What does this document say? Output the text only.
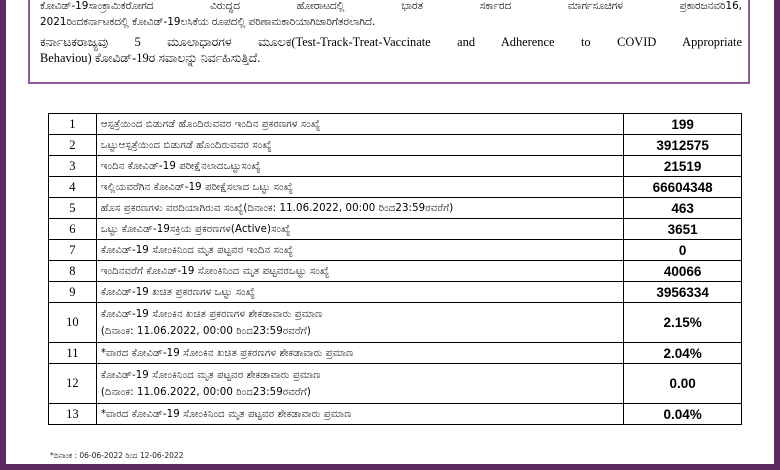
ಕೋವಿಡ್-19ಸಾಂಕ್ರಾಮಿಕರೋಗದ	ವಿರುದ್ಧದ	ಹೋರಾಟದಲ್ಲಿ	ಭಾರತ	ಸರ್ಕಾರದ	ಮಾರ್ಗಸೂಚಿಗಳ	ಪ್ರಕಾರಜನವರಿ16,
2021ರಿಂದಕರ್ನಾಟಕದಲ್ಲಿ ಕೋವಿಡ್-19ಲಸಿಕೆಯ ರೂಪದಲ್ಲಿ ಪರಿಣಾಮಕಾರಿಯಾಗಿಜಾರಿಗೆತರಲಾಗಿದೆ.
ಕರ್ನಾಟಕರಾಜ್ಯವು 5 ಮೂಲಾಧಾರಗಳ ಮೂಲಕ(Test-Track-Treat-Vaccinate and Adherence to COVID Appropriate
Behaviou) ಕೋವಿಡ್-19ರ ಸವಾಲನ್ನು ನಿರ್ವಹಿಸುತ್ತಿದೆ.
1	ಆಸ್ಪತ್ರೆಯಿಂದ ಬಿಡುಗಡೆ ಹೊಂದಿರುವವರ ಇಂದಿನ ಪ್ರಕರಣಗಳ ಸಂಖ್ಯೆ	199
2	ಒಟ್ಟುಆಸ್ಪತ್ರೆಯಿಂದ ಬಿಡುಗಡೆ ಹೊಂದಿರುವವರ ಸಂಖ್ಯೆ	3912575
3	ಇಂದಿನ ಕೋವಿಡ್-19 ಪರೀಕ್ಷೆನಲಾದಒಟ್ಟುಸಂಖ್ಯೆ	21519
4	ಇಲ್ಲಿಯವರೆಗಿನ ಕೋವಿಡ್-19 ಪರೀಕ್ಷೆಸಲಾದ ಒಟ್ಟು ಸಂಖ್ಯೆ	66604348
5	ಹೊಸ ಪ್ರಕರಣಗಳು ವರದಿಯಾಗಿರುವ ಸಂಖ್ಯೆ(ದಿನಾಂಕ: 11.06.2022, 00:00 ರಿಂದ23:59ರವರೆಗೆ)	463
6	ಒಟ್ಟು ಕೋವಿಡ್-19ಸಕ್ರಿಯ ಪ್ರಕರಣಗಳ(Active)ಸಂಖ್ಯೆ	3651
7	ಕೋವಿಡ್-19 ಸೋಂಕಿನಿಂದ ಮೃತ ಪಟ್ಟವರ ಇಂದಿನ ಸಂಖ್ಯೆ	0
8	ಇಂದಿನವರೆಗೆ ಕೋವಿಡ್-19 ಸೋಂಕಿನಿಂದ ಮೃತ ಪಟ್ಟವರಒಟ್ಟು ಸಂಖ್ಯೆ	40066
9	ಕೋವಿಡ್-19 ಖಚಿತ ಪ್ರಕರಣಗಳ ಒಟ್ಟು ಸಂಖ್ಯೆ	3956334
10	ಕೋವಿಡ್-19 ಸೋಂಕಿನ ಖಚಿತ ಪ್ರಕರಣಗಳ ಶೇಕಡಾವಾರು ಪ್ರಮಾಣ
(ದಿನಾಂಕ: 11.06.2022, 00:00 ರಿಂದ23:59ರವರೆಗೆ)	2.15%
11	*ವಾರದ ಕೋವಿಡ್-19 ಸೋಂಕಿನ ಖಚಿತ ಪ್ರಕರಣಗಳ ಶೇಕಡಾವಾರು ಪ್ರಮಾಣ	2.04%
12	ಕೋವಿಡ್-19 ಸೋಂಕಿನಿಂದ ಮೃತ ಪಟ್ಟವರ ಶೇಕಡಾವಾರು ಪ್ರಮಾಣ
(ದಿನಾಂಕ: 11.06.2022, 00:00 ರಿಂದ23:59ರವರೆಗೆ)	0.00
13	*ವಾರದ ಕೋವಿಡ್-19 ಸೋಂಕಿನಿಂದ ಮೃತ ಪಟ್ಟವರ ಶೇಕಡಾವಾರು ಪ್ರಮಾಣ	0.04%
*ದಿನಾಂಕ : 06-06-2022 ರಿಂದ 12-06-2022
